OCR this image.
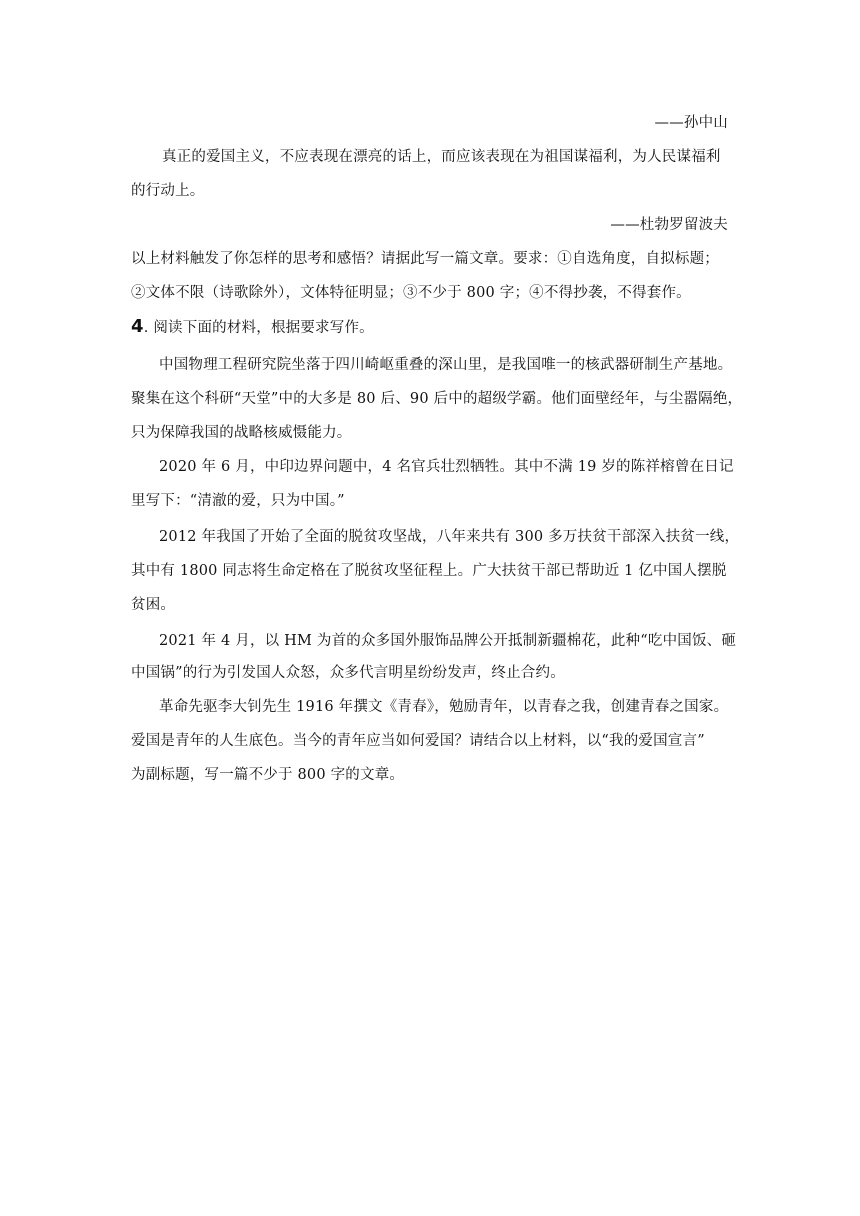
——孙中山
真正的爱国主义，不应表现在漂亮的话上，而应该表现在为祖国谋福利，为人民谋福利
的行动上。
——杜勃罗留波夫
以上材料触发了你怎样的思考和感悟？请据此写一篇文章。要求：①自选角度，自拟标题；
②文体不限（诗歌除外），文体特征明显；③不少于 800 字；④不得抄袭，不得套作。
4. 阅读下面的材料，根据要求写作。
中国物理工程研究院坐落于四川崎岖重叠的深山里，是我国唯一的核武器研制生产基地。
聚集在这个科研“天堂”中的大多是 80 后、90 后中的超级学霸。他们面壁经年，与尘嚣隔绝，
只为保障我国的战略核威慑能力。
2020 年 6 月，中印边界问题中，4 名官兵壮烈牺牲。其中不满 19 岁的陈祥榕曾在日记
里写下：“清澈的爱，只为中国。”
2012 年我国了开始了全面的脱贫攻坚战，八年来共有 300 多万扶贫干部深入扶贫一线，
其中有 1800 同志将生命定格在了脱贫攻坚征程上。广大扶贫干部已帮助近 1 亿中国人摆脱
贫困。
2021 年 4 月，以 HM 为首的众多国外服饰品牌公开抵制新疆棉花，此种“吃中国饭、砸
中国锅”的行为引发国人众怒，众多代言明星纷纷发声，终止合约。
革命先驱李大钊先生 1916 年撰文《青春》，勉励青年，以青春之我，创建青春之国家。
爱国是青年的人生底色。当今的青年应当如何爱国？请结合以上材料，以“我的爱国宣言”
为副标题，写一篇不少于 800 字的文章。
